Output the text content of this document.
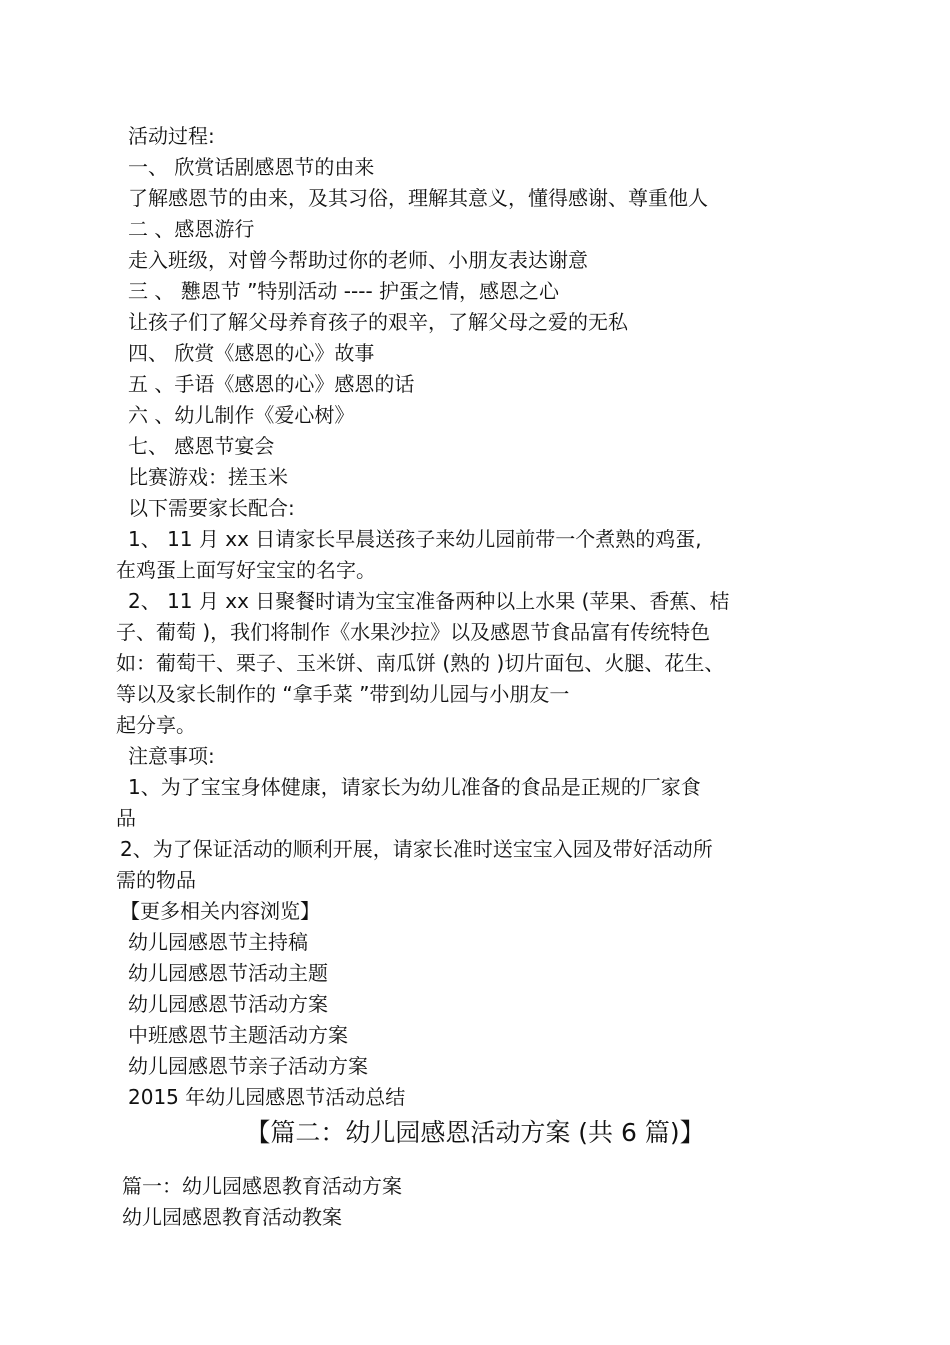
活动过程:
一、 欣赏话剧感恩节的由来
了解感恩节的由来，及其习俗，理解其意义，懂得感谢、尊重他人
二 、感恩游行
走入班级，对曾今帮助过你的老师、小朋友表达谢意
三 、 戁恩节 ”特别活动 ---- 护蛋之情，感恩之心
让孩子们了解父母养育孩子的艰辛，了解父母之爱的无私
四、 欣赏《感恩的心》故事
五 、手语《感恩的心》感恩的话
六 、幼儿制作《爱心树》
七、 感恩节宴会
比赛游戏：搓玉米
以下需要家长配合:
1、 11 月 xx 日请家长早晨送孩子来幼儿园前带一个煮熟的鸡蛋,
在鸡蛋上面写好宝宝的名字。
2、 11 月 xx 日聚餐时请为宝宝准备两种以上水果 (苹果、香蕉、桔
子、葡萄 )，我们将制作《水果沙拉》以及感恩节食品富有传统特色
如：葡萄干、栗子、玉米饼、南瓜饼 (熟的 )切片面包、火腿、花生、
等以及家长制作的 “拿手菜 ”带到幼儿园与小朋友一
起分享。
注意事项:
1、为了宝宝身体健康，请家长为幼儿准备的食品是正规的厂家食
品
2、为了保证活动的顺利开展，请家长准时送宝宝入园及带好活动所
需的物品
【更多相关内容浏览】
幼儿园感恩节主持稿
幼儿园感恩节活动主题
幼儿园感恩节活动方案
中班感恩节主题活动方案
幼儿园感恩节亲子活动方案
2015 年幼儿园感恩节活动总结
【篇二：幼儿园感恩活动方案 (共 6 篇)】
篇一：幼儿园感恩教育活动方案
幼儿园感恩教育活动教案
